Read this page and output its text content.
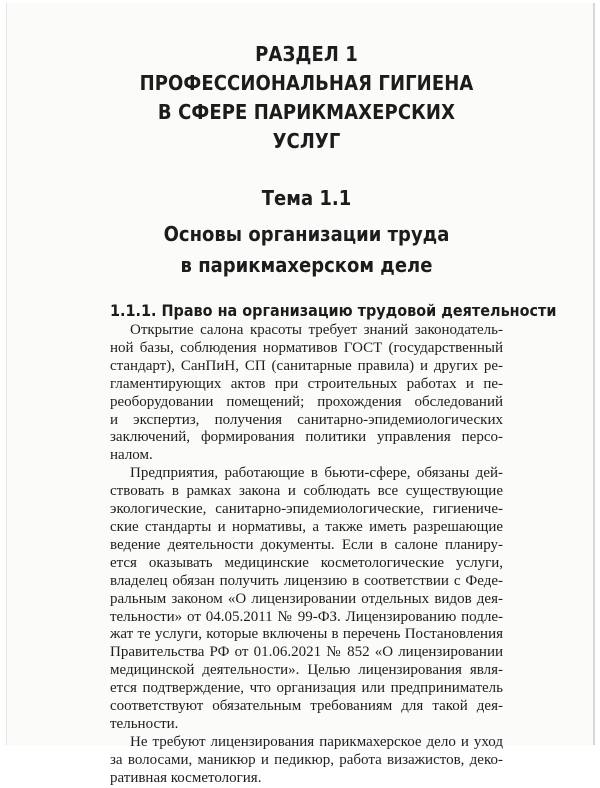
РАЗДЕЛ 1
ПРОФЕССИОНАЛЬНАЯ ГИГИЕНА
В СФЕРЕ ПАРИКМАХЕРСКИХ УСЛУГ
Тема 1.1
Основы организации труда
в парикмахерском деле
1.1.1. Право на организацию трудовой деятельности

Открытие салона красоты требует знаний законодатель-
ной базы, соблюдения нормативов ГОСТ (государственный
стандарт), СанПиН, СП (санитарные правила) и других ре-
гламентирующих актов при строительных работах и пе-
реоборудовании помещений; прохождения обследований
и экспертиз, получения санитарно-эпидемиологических
заключений, формирования политики управления персо-
налом.

Предприятия, работающие в бьюти-сфере, обязаны дей-
ствовать в рамках закона и соблюдать все существующие
экологические, санитарно-эпидемиологические, гигиениче-
ские стандарты и нормативы, а также иметь разрешающие
ведение деятельности документы. Если в салоне планиру-
ется оказывать медицинские косметологические услуги,
владелец обязан получить лицензию в соответствии с Феде-
ральным законом «О лицензировании отдельных видов дея-
тельности» от 04.05.2011 № 99-ФЗ. Лицензированию подле-
жат те услуги, которые включены в перечень Постановления
Правительства РФ от 01.06.2021 № 852 «О лицензировании
медицинской деятельности». Целью лицензирования явля-
ется подтверждение, что организация или предприниматель
соответствуют обязательным требованиям для такой дея-
тельности.

Не требуют лицензирования парикмахерское дело и уход
за волосами, маникюр и педикюр, работа визажистов, деко-
ративная косметология.
